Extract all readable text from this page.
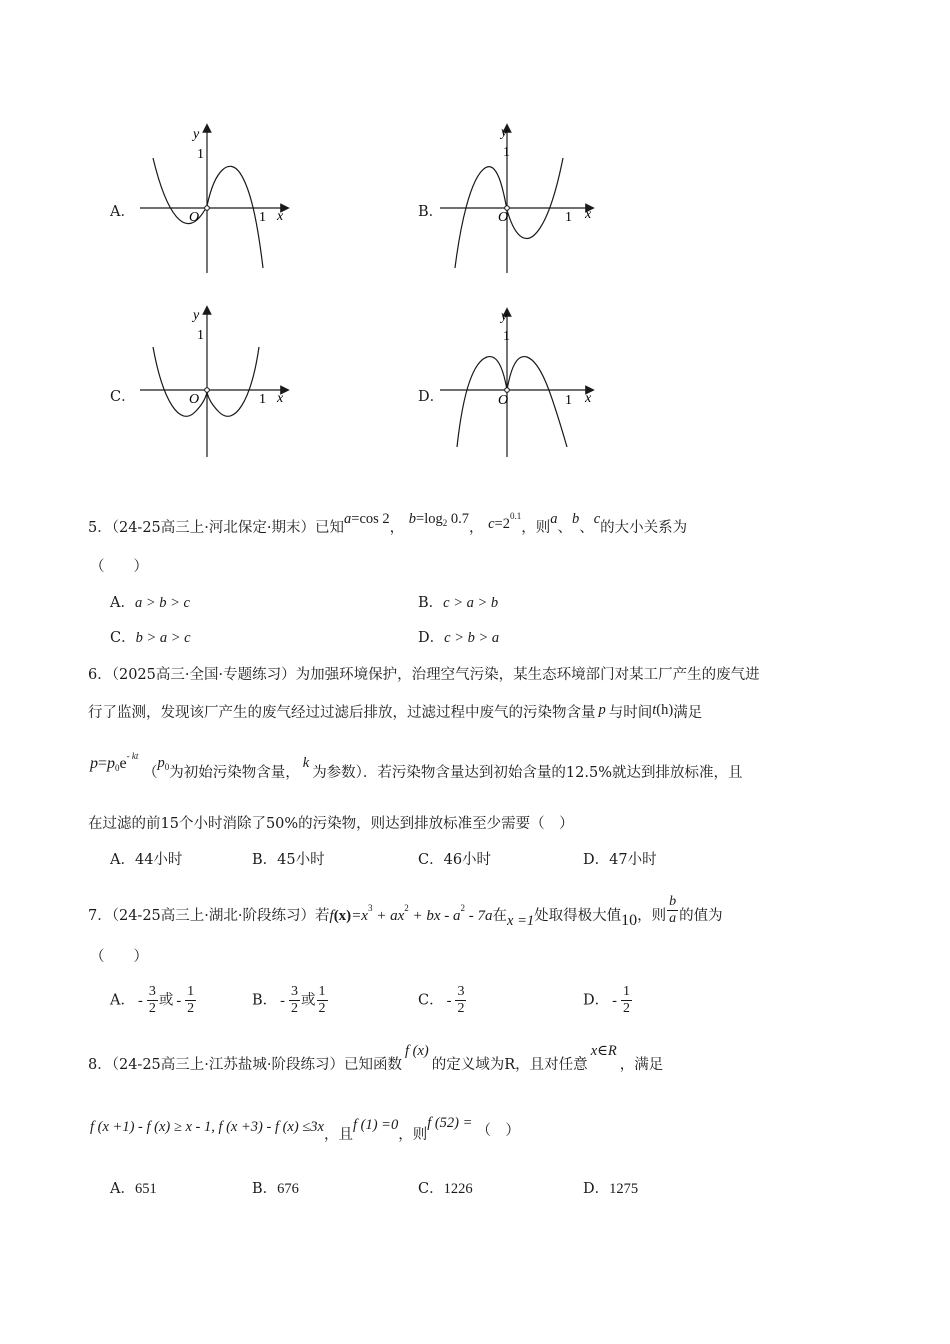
A．	B．
C．	D．
y
1
O	1 x
y
1
O	1 x
y
1
O	1 x
y
1
O	1 x
5．（24-25高三上·河北保定·期末）已知a=cos 2， $b=\log_2$ 0.7， $c=2^{0.1}$，则a、b、c的大小关系为
（　　）
A．a > b > c	B．c > a > b
C．b > a > c	D．c > b > a
6．（2025高三·全国·专题练习）为加强环境保护，治理空气污染，某生态环境部门对某工厂产生的废气进
行了监测，发现该厂产生的废气经过过滤后排放，过滤过程中废气的污染物含量 p 与时间t(h)满足
$p=p_0e^{- kt}$ （$p_0$为初始污染物含量，k为参数）．若污染物含量达到初始含量的12.5%就达到排放标准，且
在过滤的前15个小时消除了50%的污染物，则达到排放标准至少需要（　）
A．44小时	B．45小时	C．46小时	D．47小时
7．（24-25高三上·湖北·阶段练习）若$f(x)=x^3 + ax^2$ + bx - $a^2 - 7a$在x =1处取得极大值10，则 $\frac{b}{a}$ 的值为
（　　）
A． - $\frac{3}{2}$ 或 - $\frac{1}{2}$	B． - $\frac{3}{2}$ 或 $\frac{1}{2}$	C． - $\frac{3}{2}$	D． - $\frac{1}{2}$
8．（24-25高三上·江苏盐城·阶段练习）已知函数f (x)的定义域为R，且对任意x∈R，满足
f (x +1) - f (x) ≥ x - 1, f (x +3) - f (x) ≤3x，且f (1) =0，则f (52) = （　）
A．651	B．676	C．1226	D．1275
